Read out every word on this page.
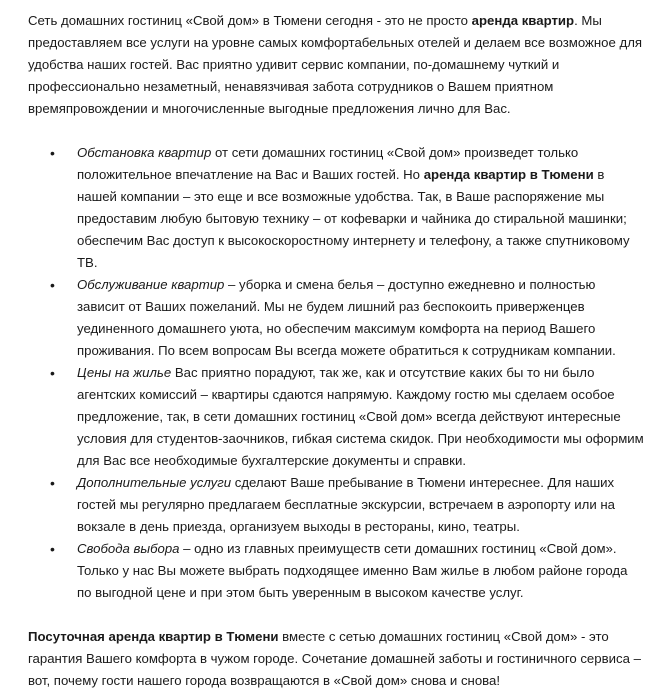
Сеть домашних гостиниц «Свой дом» в Тюмени сегодня - это не просто аренда квартир. Мы предоставляем все услуги на уровне самых комфортабельных отелей и делаем все возможное для удобства наших гостей. Вас приятно удивит сервис компании, по-домашнему чуткий и профессионально незаметный, ненавязчивая забота сотрудников о Вашем приятном времяпровождении и многочисленные выгодные предложения лично для Вас.

• Обстановка квартир от сети домашних гостиниц «Свой дом» произведет только положительное впечатление на Вас и Ваших гостей. Но аренда квартир в Тюмени в нашей компании – это еще и все возможные удобства. Так, в Ваше распоряжение мы предоставим любую бытовую технику – от кофеварки и чайника до стиральной машинки; обеспечим Вас доступ к высокоскоростному интернету и телефону, а также спутниковому ТВ.
• Обслуживание квартир – уборка и смена белья – доступно ежедневно и полностью зависит от Ваших пожеланий. Мы не будем лишний раз беспокоить приверженцев уединенного домашнего уюта, но обеспечим максимум комфорта на период Вашего проживания. По всем вопросам Вы всегда можете обратиться к сотрудникам компании.
• Цены на жилье Вас приятно порадуют, так же, как и отсутствие каких бы то ни было агентских комиссий – квартиры сдаются напрямую. Каждому гостю мы сделаем особое предложение, так, в сети домашних гостиниц «Свой дом» всегда действуют интересные условия для студентов-заочников, гибкая система скидок. При необходимости мы оформим для Вас все необходимые бухгалтерские документы и справки.
• Дополнительные услуги сделают Ваше пребывание в Тюмени интереснее. Для наших гостей мы регулярно предлагаем бесплатные экскурсии, встречаем в аэропорту или на вокзале в день приезда, организуем выходы в рестораны, кино, театры.
• Свобода выбора – одно из главных преимуществ сети домашних гостиниц «Свой дом». Только у нас Вы можете выбрать подходящее именно Вам жилье в любом районе города по выгодной цене и при этом быть уверенным в высоком качестве услуг.

Посуточная аренда квартир в Тюмени вместе с сетью домашних гостиниц «Свой дом» - это гарантия Вашего комфорта в чужом городе. Сочетание домашней заботы и гостиничного сервиса – вот, почему гости нашего города возвращаются в «Свой дом» снова и снова!
